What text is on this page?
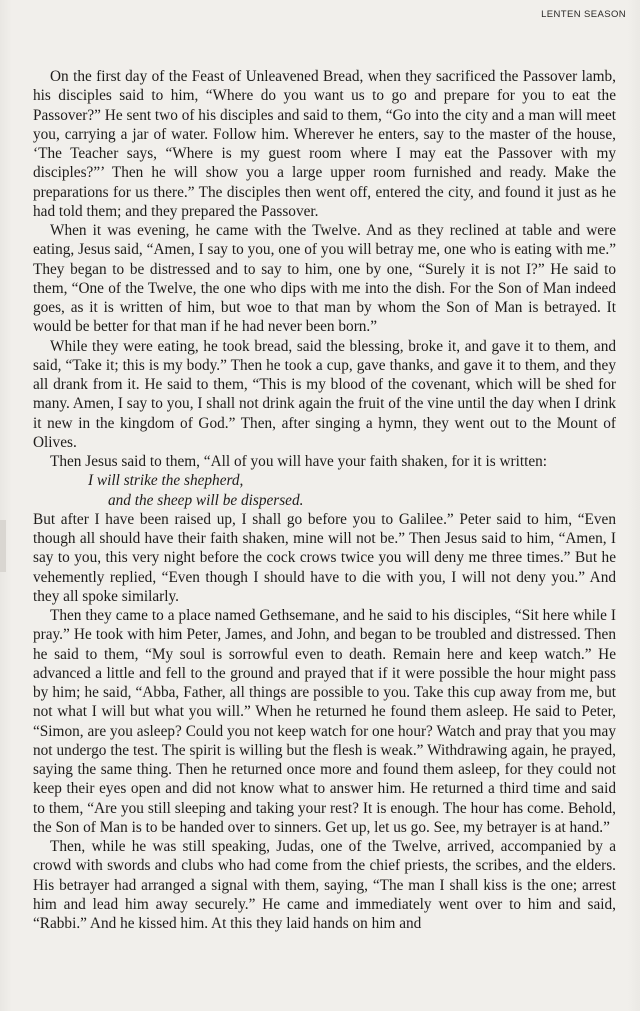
LENTEN SEASON

On the first day of the Feast of Unleavened Bread, when they sacrificed the Passover lamb, his disciples said to him, “Where do you want us to go and prepare for you to eat the Passover?” He sent two of his disciples and said to them, “Go into the city and a man will meet you, carrying a jar of water. Follow him. Wherever he enters, say to the master of the house, ‘The Teacher says, “Where is my guest room where I may eat the Passover with my disciples?”’ Then he will show you a large upper room furnished and ready. Make the preparations for us there.” The disciples then went off, entered the city, and found it just as he had told them; and they prepared the Passover.

When it was evening, he came with the Twelve. And as they reclined at table and were eating, Jesus said, “Amen, I say to you, one of you will betray me, one who is eating with me.” They began to be distressed and to say to him, one by one, “Surely it is not I?” He said to them, “One of the Twelve, the one who dips with me into the dish. For the Son of Man indeed goes, as it is written of him, but woe to that man by whom the Son of Man is betrayed. It would be better for that man if he had never been born.”

While they were eating, he took bread, said the blessing, broke it, and gave it to them, and said, “Take it; this is my body.” Then he took a cup, gave thanks, and gave it to them, and they all drank from it. He said to them, “This is my blood of the covenant, which will be shed for many. Amen, I say to you, I shall not drink again the fruit of the vine until the day when I drink it new in the kingdom of God.” Then, after singing a hymn, they went out to the Mount of Olives.

Then Jesus said to them, “All of you will have your faith shaken, for it is written:

I will strike the shepherd,
and the sheep will be dispersed.

But after I have been raised up, I shall go before you to Galilee.” Peter said to him, “Even though all should have their faith shaken, mine will not be.” Then Jesus said to him, “Amen, I say to you, this very night before the cock crows twice you will deny me three times.” But he vehemently replied, “Even though I should have to die with you, I will not deny you.” And they all spoke similarly.

Then they came to a place named Gethsemane, and he said to his disciples, “Sit here while I pray.” He took with him Peter, James, and John, and began to be troubled and distressed. Then he said to them, “My soul is sorrowful even to death. Remain here and keep watch.” He advanced a little and fell to the ground and prayed that if it were possible the hour might pass by him; he said, “Abba, Father, all things are possible to you. Take this cup away from me, but not what I will but what you will.” When he returned he found them asleep. He said to Peter, “Simon, are you asleep? Could you not keep watch for one hour? Watch and pray that you may not undergo the test. The spirit is willing but the flesh is weak.” Withdrawing again, he prayed, saying the same thing. Then he returned once more and found them asleep, for they could not keep their eyes open and did not know what to answer him. He returned a third time and said to them, “Are you still sleeping and taking your rest? It is enough. The hour has come. Behold, the Son of Man is to be handed over to sinners. Get up, let us go. See, my betrayer is at hand.”

Then, while he was still speaking, Judas, one of the Twelve, arrived, accompanied by a crowd with swords and clubs who had come from the chief priests, the scribes, and the elders. His betrayer had arranged a signal with them, saying, “The man I shall kiss is the one; arrest him and lead him away securely.” He came and immediately went over to him and said, “Rabbi.” And he kissed him. At this they laid hands on him and
